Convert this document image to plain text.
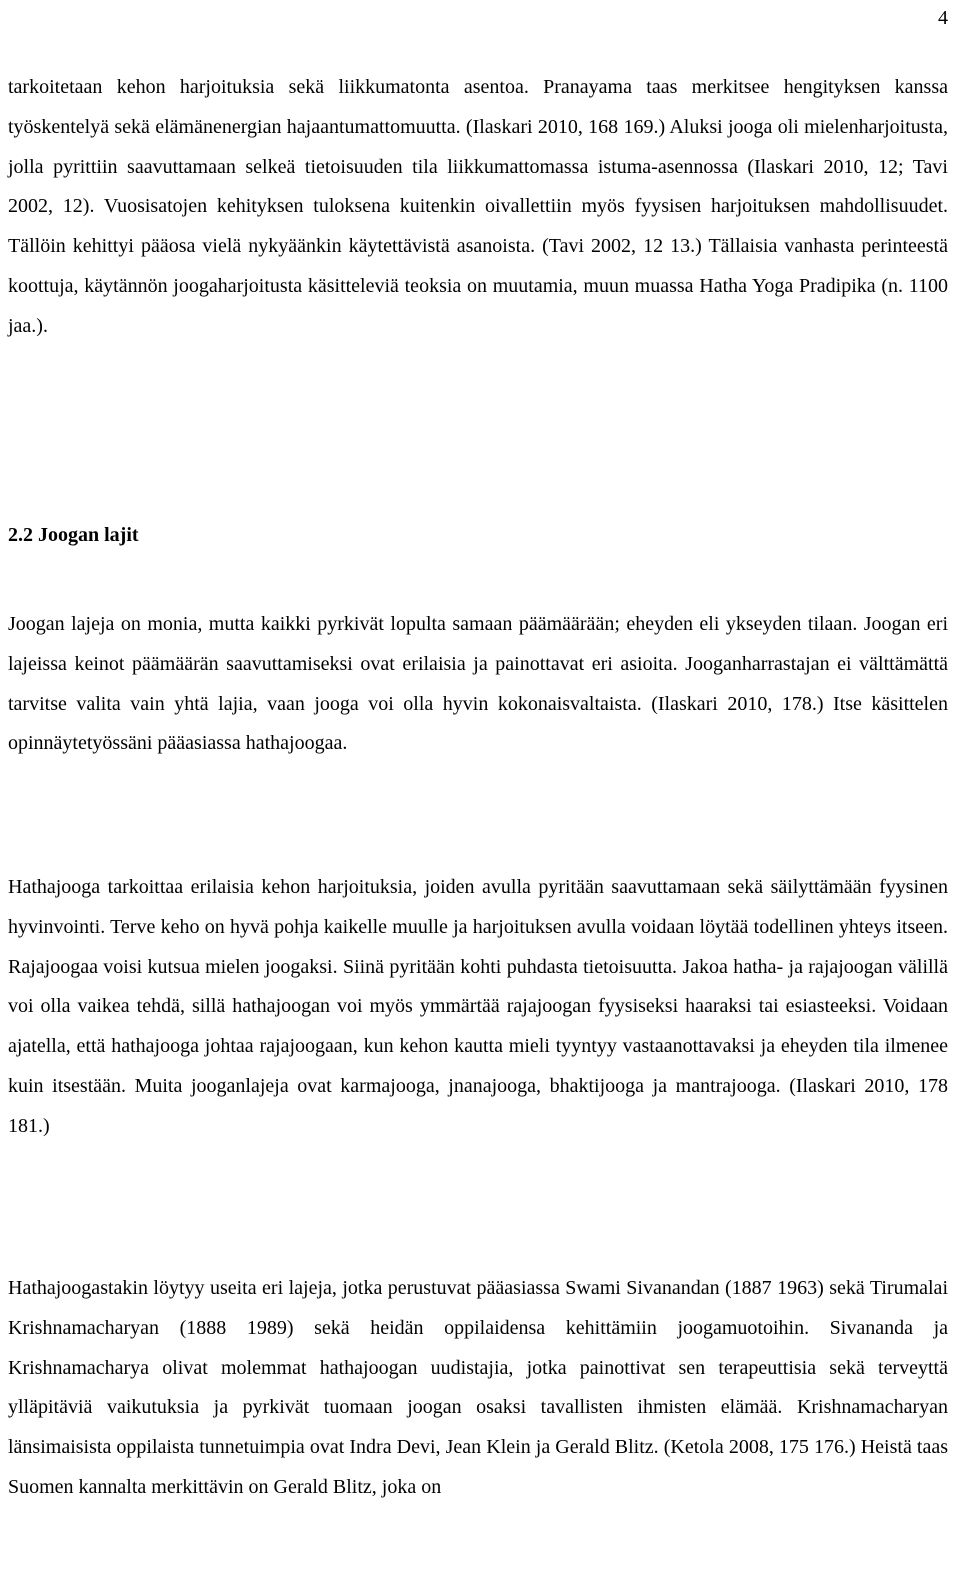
4

tarkoitetaan kehon harjoituksia sekä liikkumatonta asentoa. Pranayama taas merkitsee hengityksen kanssa työskentelyä sekä elämänenergian hajaantumattomuutta. (Ilaskari 2010, 168 169.) Aluksi jooga oli mielenharjoitusta, jolla pyrittiin saavuttamaan selkeä tietoisuuden tila liikkumattomassa istuma-asennossa (Ilaskari 2010, 12; Tavi 2002, 12). Vuosisatojen kehityksen tuloksena kuitenkin oivallettiin myös fyysisen harjoituksen mahdollisuudet. Tällöin kehittyi pääosa vielä nykyäänkin käytettävistä asanoista. (Tavi 2002, 12 13.) Tällaisia vanhasta perinteestä koottuja, käytännön joogaharjoitusta käsitteleviä teoksia on muutamia, muun muassa Hatha Yoga Pradipika (n. 1100 jaa.).

2.2 Joogan lajit

Joogan lajeja on monia, mutta kaikki pyrkivät lopulta samaan päämäärään; eheyden eli ykseyden tilaan. Joogan eri lajeissa keinot päämäärän saavuttamiseksi ovat erilaisia ja painottavat eri asioita. Jooganharrastajan ei välttämättä tarvitse valita vain yhtä lajia, vaan jooga voi olla hyvin kokonaisvaltaista. (Ilaskari 2010, 178.) Itse käsittelen opinnäytetyössäni pääasiassa hathajoogaa.

Hathajooga tarkoittaa erilaisia kehon harjoituksia, joiden avulla pyritään saavuttamaan sekä säilyttämään fyysinen hyvinvointi. Terve keho on hyvä pohja kaikelle muulle ja harjoituksen avulla voidaan löytää todellinen yhteys itseen. Rajajoogaa voisi kutsua mielen joogaksi. Siinä pyritään kohti puhdasta tietoisuutta. Jakoa hatha- ja rajajoogan välillä voi olla vaikea tehdä, sillä hathajoogan voi myös ymmärtää rajajoogan fyysiseksi haaraksi tai esiasteeksi. Voidaan ajatella, että hathajooga johtaa rajajoogaan, kun kehon kautta mieli tyyntyy vastaanottavaksi ja eheyden tila ilmenee kuin itsestään. Muita jooganlajeja ovat karmajooga, jnanajooga, bhaktijooga ja mantrajooga. (Ilaskari 2010, 178 181.)

Hathajoogastakin löytyy useita eri lajeja, jotka perustuvat pääasiassa Swami Sivanandan (1887 1963) sekä Tirumalai Krishnamacharyan (1888 1989) sekä heidän oppilaidensa kehittämiin joogamuotoihin. Sivananda ja Krishnamacharya olivat molemmat hathajoogan uudistajia, jotka painottivat sen terapeuttisia sekä terveyttä ylläpitäviä vaikutuksia ja pyrkivät tuomaan joogan osaksi tavallisten ihmisten elämää. Krishnamacharyan länsimaisista oppilaista tunnetuimpia ovat Indra Devi, Jean Klein ja Gerald Blitz. (Ketola 2008, 175 176.) Heistä taas Suomen kannalta merkittävin on Gerald Blitz, joka on
